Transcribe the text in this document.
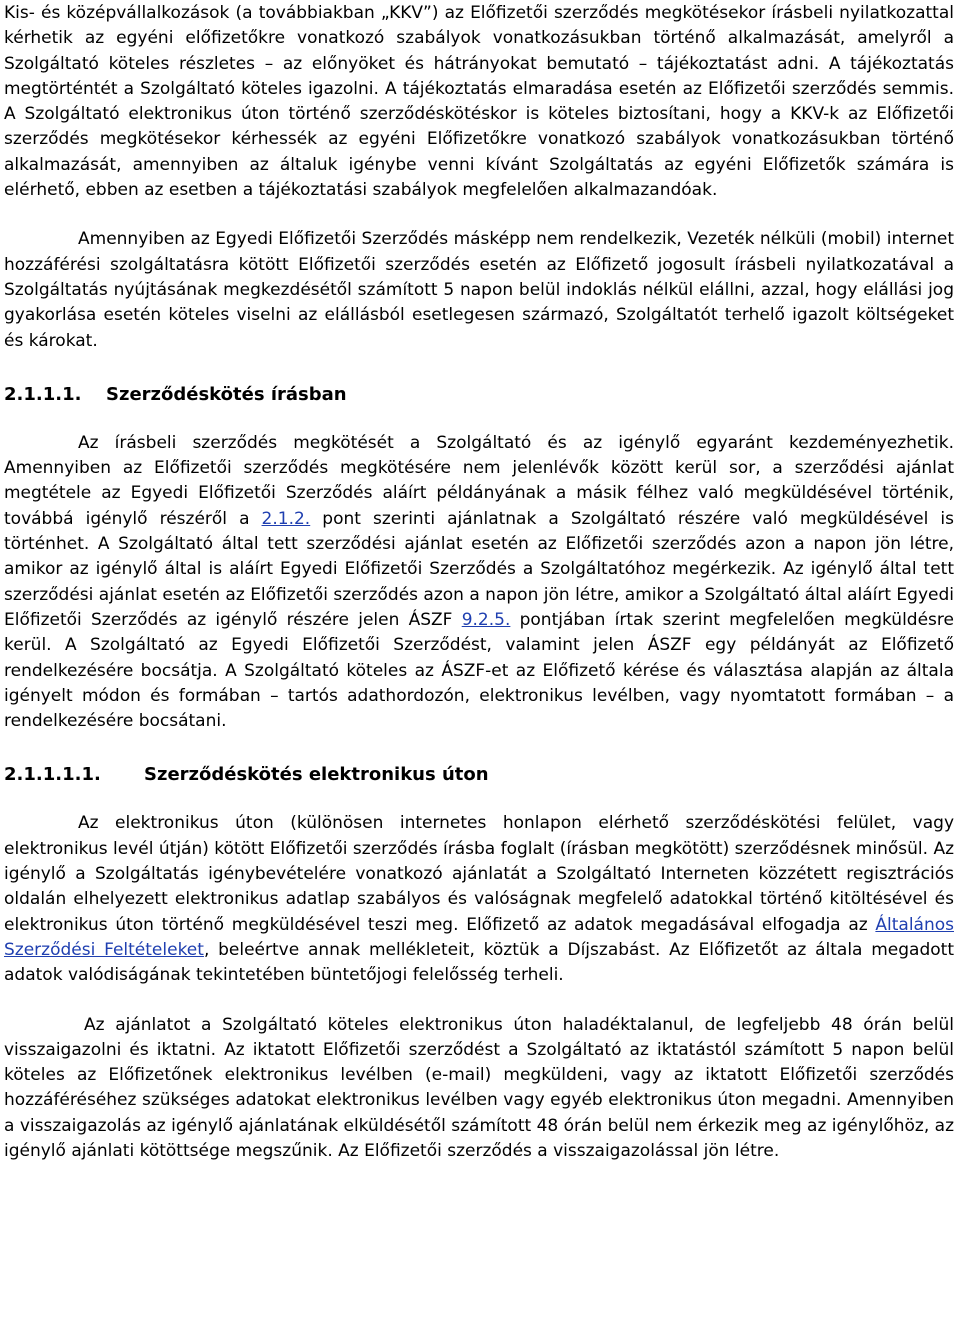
Kis- és középvállalkozások (a továbbiakban „KKV”) az Előfizetői szerződés megkötésekor írásbeli nyilatkozattal kérhetik az egyéni előfizetőkre vonatkozó szabályok vonatkozásukban történő alkalmazását, amelyről a Szolgáltató köteles részletes – az előnyöket és hátrányokat bemutató – tájékoztatást adni. A tájékoztatás megtörténtét a Szolgáltató köteles igazolni. A tájékoztatás elmaradása esetén az Előfizetői szerződés semmis. A Szolgáltató elektronikus úton történő szerződéskötéskor is köteles biztosítani, hogy a KKV-k az Előfizetői szerződés megkötésekor kérhessék az egyéni Előfizetőkre vonatkozó szabályok vonatkozásukban történő alkalmazását, amennyiben az általuk igénybe venni kívánt Szolgáltatás az egyéni Előfizetők számára is elérhető, ebben az esetben a tájékoztatási szabályok megfelelően alkalmazandóak.

Amennyiben az Egyedi Előfizetői Szerződés másképp nem rendelkezik, Vezeték nélküli (mobil) internet hozzáférési szolgáltatásra kötött Előfizetői szerződés esetén az Előfizető jogosult írásbeli nyilatkozatával a Szolgáltatás nyújtásának megkezdésétől számított 5 napon belül indoklás nélkül elállni, azzal, hogy elállási jog gyakorlása esetén köteles viselni az elállásból esetlegesen származó, Szolgáltatót terhelő igazolt költségeket és károkat.

2.1.1.1. Szerződéskötés írásban

Az írásbeli szerződés megkötését a Szolgáltató és az igénylő egyaránt kezdeményezhetik. Amennyiben az Előfizetői szerződés megkötésére nem jelenlévők között kerül sor, a szerződési ajánlat megtétele az Egyedi Előfizetői Szerződés aláírt példányának a másik félhez való megküldésével történik, továbbá igénylő részéről a 2.1.2. pont szerinti ajánlatnak a Szolgáltató részére való megküldésével is történhet. A Szolgáltató által tett szerződési ajánlat esetén az Előfizetői szerződés azon a napon jön létre, amikor az igénylő által is aláírt Egyedi Előfizetői Szerződés a Szolgáltatóhoz megérkezik. Az igénylő által tett szerződési ajánlat esetén az Előfizetői szerződés azon a napon jön létre, amikor a Szolgáltató által aláírt Egyedi Előfizetői Szerződés az igénylő részére jelen ÁSZF 9.2.5. pontjában írtak szerint megfelelően megküldésre kerül. A Szolgáltató az Egyedi Előfizetői Szerződést, valamint jelen ÁSZF egy példányát az Előfizető rendelkezésére bocsátja. A Szolgáltató köteles az ÁSZF-et az Előfizető kérése és választása alapján az általa igényelt módon és formában – tartós adathordozón, elektronikus levélben, vagy nyomtatott formában – a rendelkezésére bocsátani.

2.1.1.1.1. Szerződéskötés elektronikus úton

Az elektronikus úton (különösen internetes honlapon elérhető szerződéskötési felület, vagy elektronikus levél útján) kötött Előfizetői szerződés írásba foglalt (írásban megkötött) szerződésnek minősül. Az igénylő a Szolgáltatás igénybevételére vonatkozó ajánlatát a Szolgáltató Interneten közzétett regisztrációs oldalán elhelyezett elektronikus adatlap szabályos és valóságnak megfelelő adatokkal történő kitöltésével és elektronikus úton történő megküldésével teszi meg. Előfizető az adatok megadásával elfogadja az Általános Szerződési Feltételeket, beleértve annak mellékleteit, köztük a Díjszabást. Az Előfizetőt az általa megadott adatok valódiságának tekintetében büntetőjogi felelősség terheli.

Az ajánlatot a Szolgáltató köteles elektronikus úton haladéktalanul, de legfeljebb 48 órán belül visszaigazolni és iktatni. Az iktatott Előfizetői szerződést a Szolgáltató az iktatástól számított 5 napon belül köteles az Előfizetőnek elektronikus levélben (e-mail) megküldeni, vagy az iktatott Előfizetői szerződés hozzáféréséhez szükséges adatokat elektronikus levélben vagy egyéb elektronikus úton megadni. Amennyiben a visszaigazolás az igénylő ajánlatának elküldésétől számított 48 órán belül nem érkezik meg az igénylőhöz, az igénylő ajánlati kötöttsége megszűnik. Az Előfizetői szerződés a visszaigazolással jön létre.
